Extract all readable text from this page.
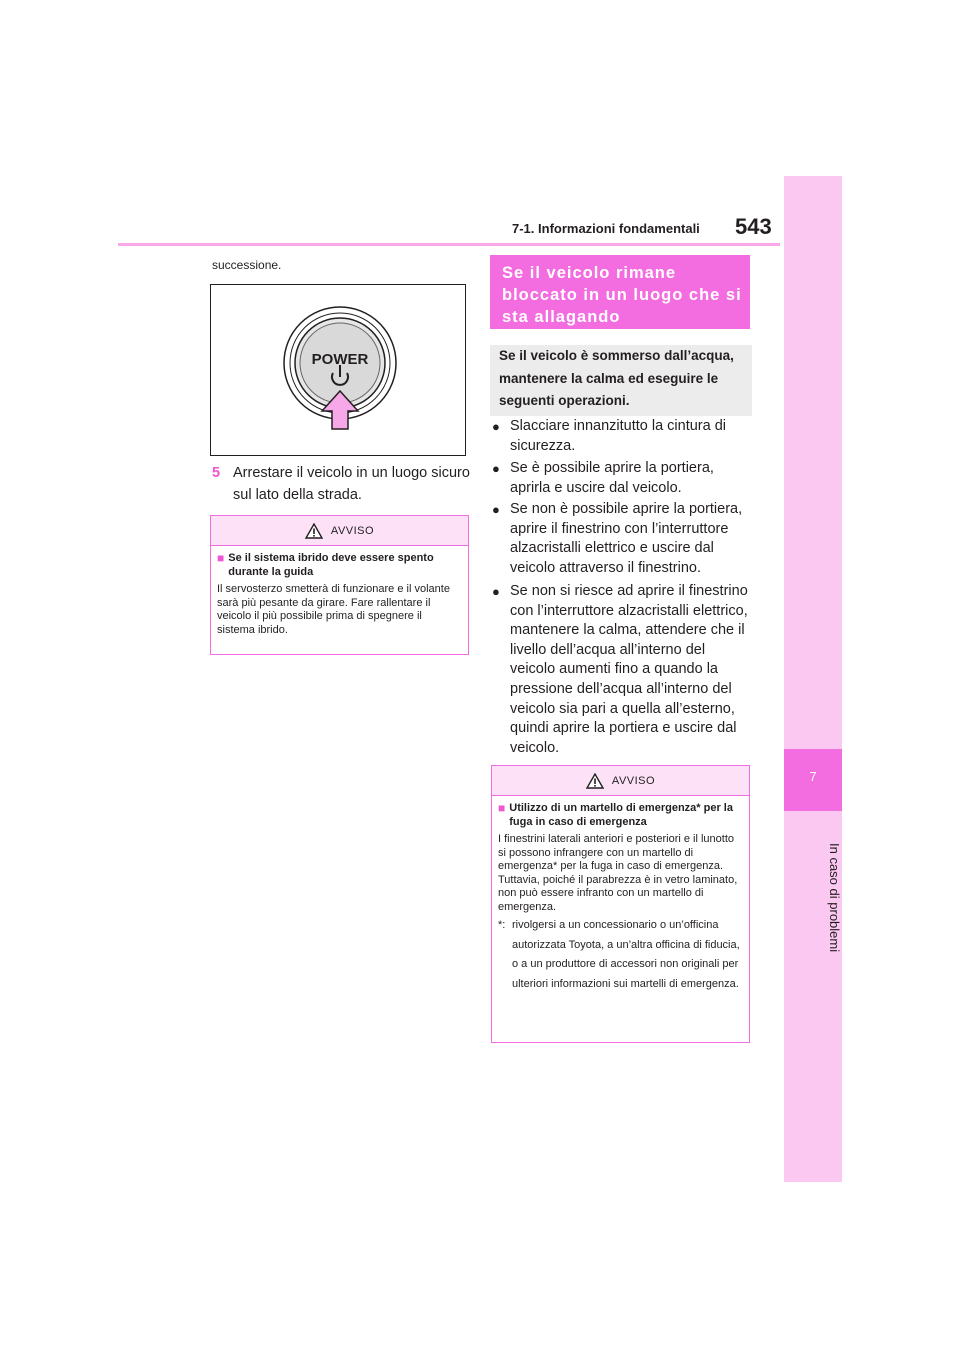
7-1. Informazioni fondamentali 543
7
In caso di problemi
successione.
POWER
5 Arrestare il veicolo in un luogo sicuro sul lato della strada.
AVVISO
■ Se il sistema ibrido deve essere spento durante la guida
Il servosterzo smetterà di funzionare e il volante sarà più pesante da girare. Fare rallentare il veicolo il più possibile prima di spegnere il sistema ibrido.
Se il veicolo rimane bloccato in un luogo che si sta allagando
Se il veicolo è sommerso dall’acqua, mantenere la calma ed eseguire le seguenti operazioni.
● Slacciare innanzitutto la cintura di sicurezza.
● Se è possibile aprire la portiera, aprirla e uscire dal veicolo.
● Se non è possibile aprire la portiera, aprire il finestrino con l’interruttore alzacristalli elettrico e uscire dal veicolo attraverso il finestrino.
● Se non si riesce ad aprire il finestrino con l’interruttore alzacristalli elettrico, mantenere la calma, attendere che il livello dell’acqua all’interno del veicolo aumenti fino a quando la pressione dell’acqua all’interno del veicolo sia pari a quella all’esterno, quindi aprire la portiera e uscire dal veicolo.
AVVISO
■ Utilizzo di un martello di emergenza* per la fuga in caso di emergenza
I finestrini laterali anteriori e posteriori e il lunotto si possono infrangere con un martello di emergenza* per la fuga in caso di emergenza. Tuttavia, poiché il parabrezza è in vetro laminato, non può essere infranto con un martello di emergenza.
*: rivolgersi a un concessionario o un’officina autorizzata Toyota, a un’altra officina di fiducia, o a un produttore di accessori non originali per ulteriori informazioni sui martelli di emergenza.
